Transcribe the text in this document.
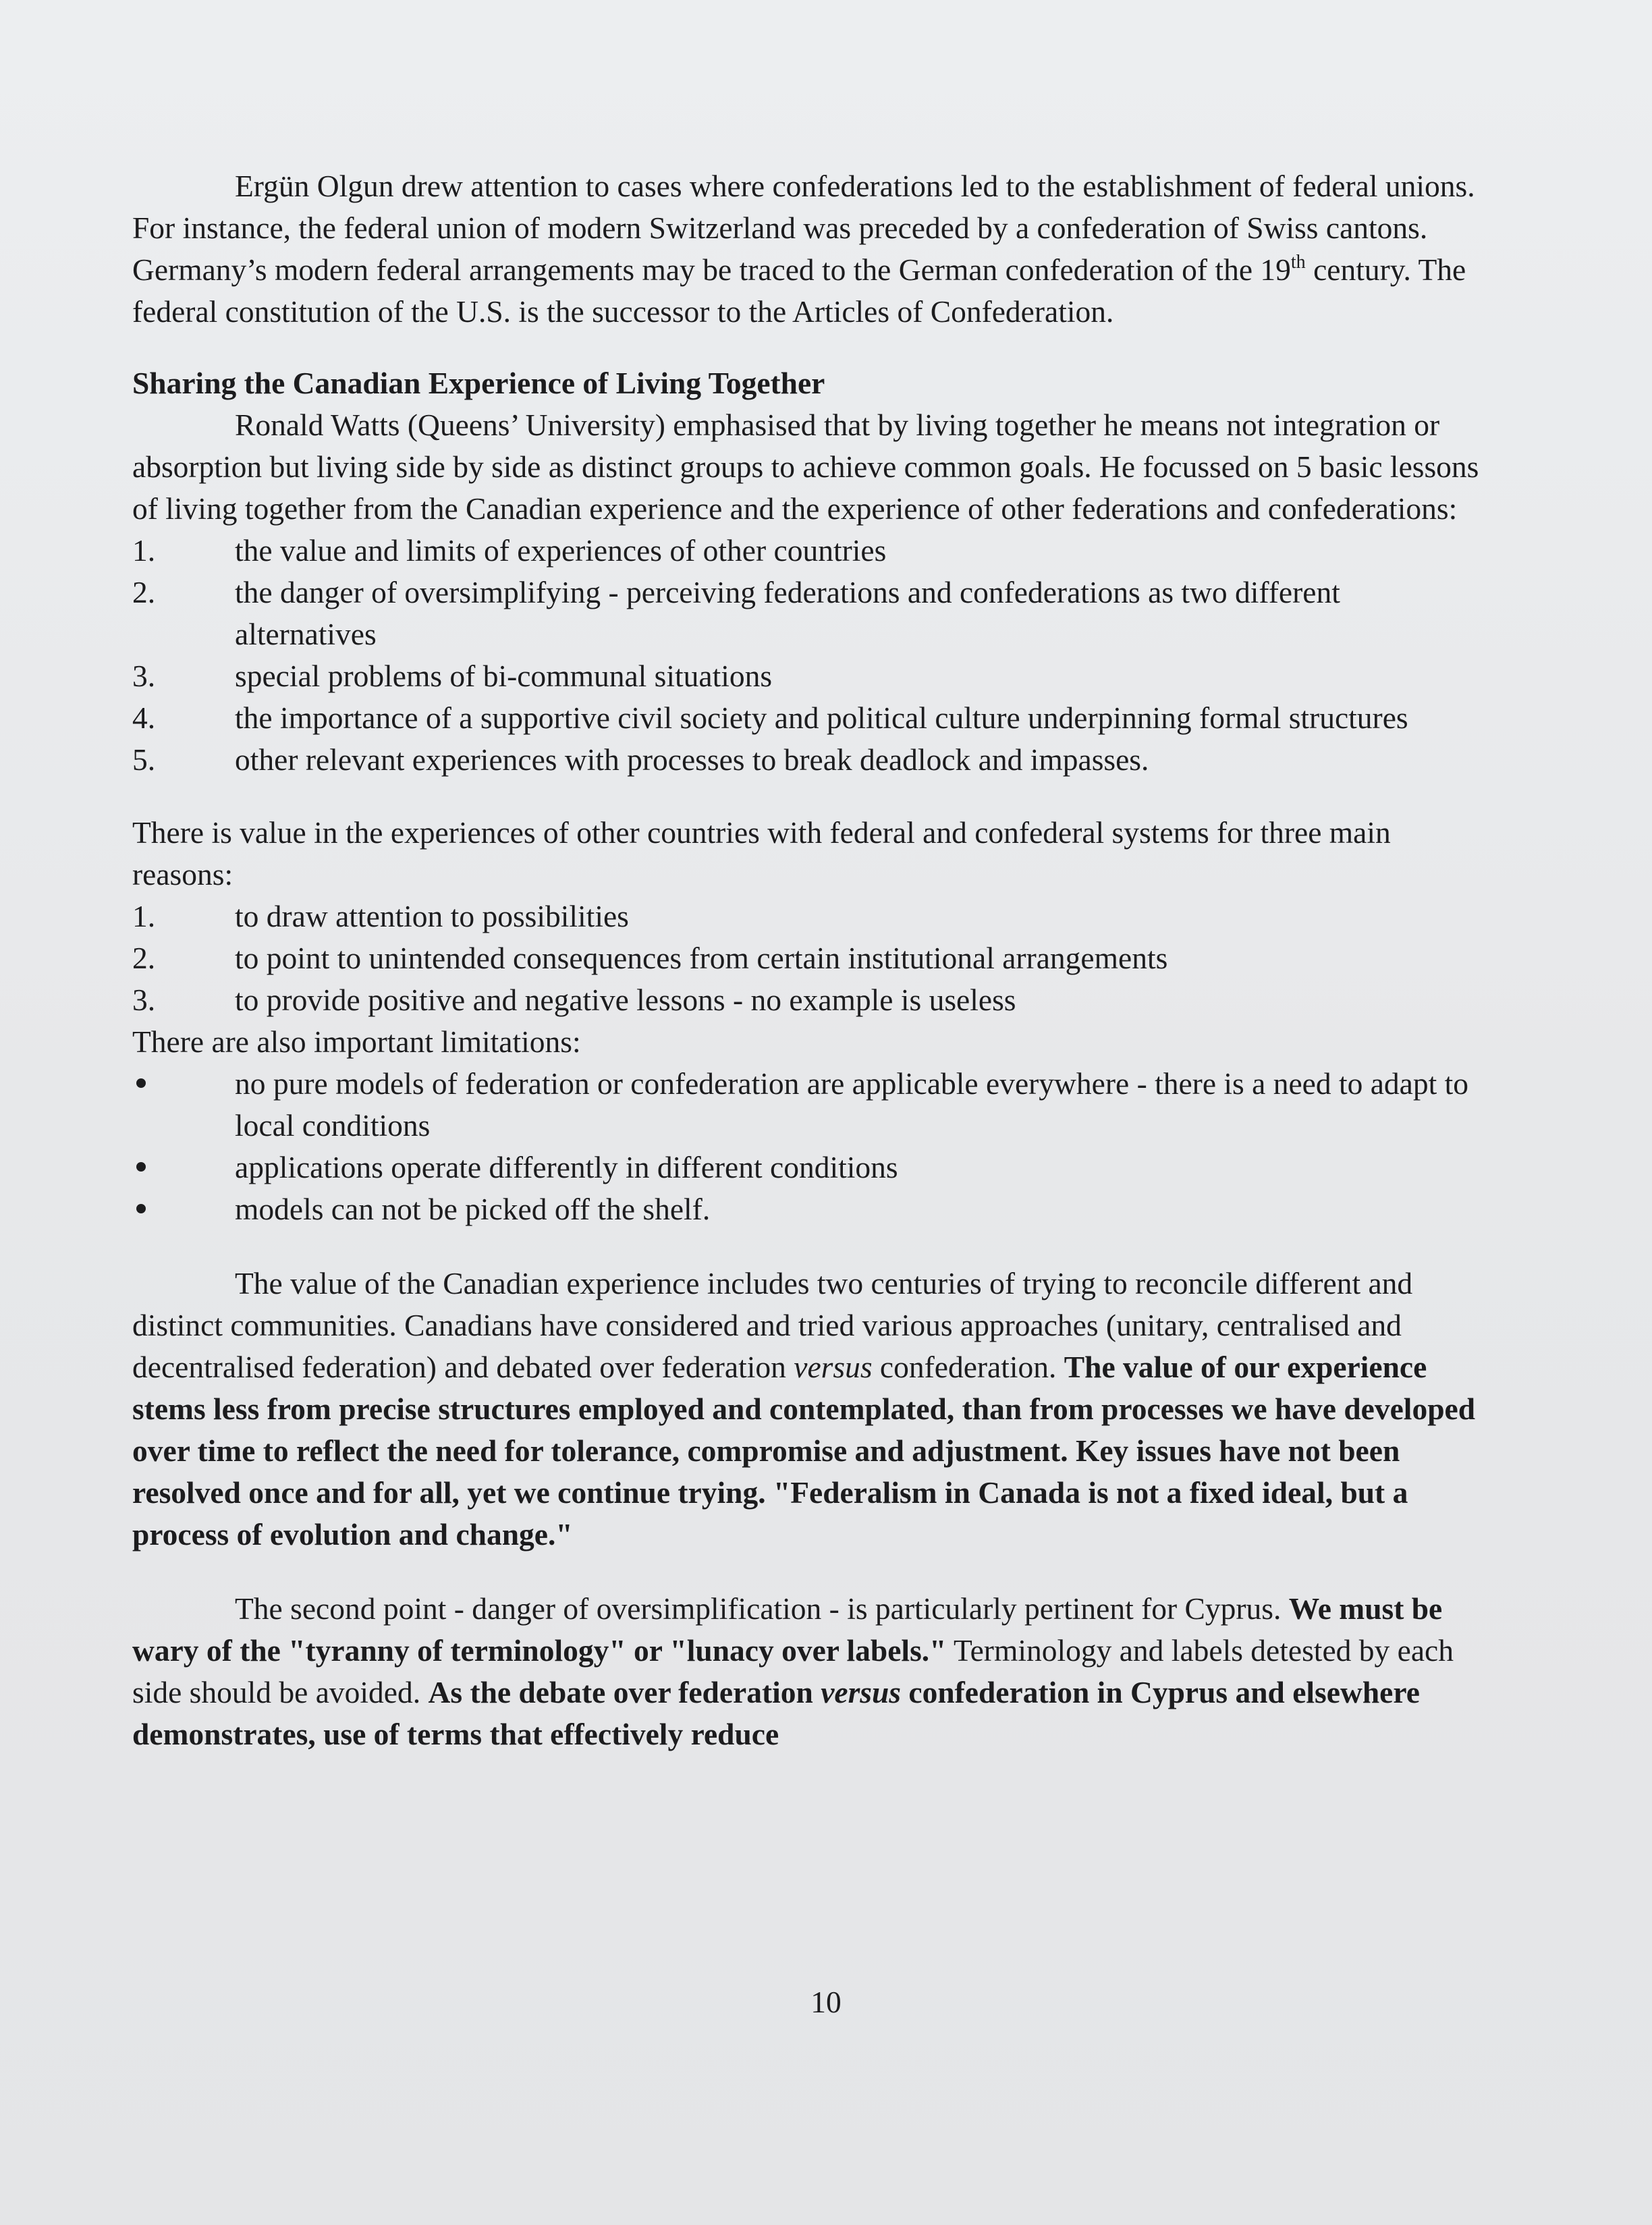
Ergün Olgun drew attention to cases where confederations led to the establishment of federal unions. For instance, the federal union of modern Switzerland was preceded by a confederation of Swiss cantons. Germany’s modern federal arrangements may be traced to the German confederation of the 19th century. The federal constitution of the U.S. is the successor to the Articles of Confederation.

Sharing the Canadian Experience of Living Together

Ronald Watts (Queens’ University) emphasised that by living together he means not integration or absorption but living side by side as distinct groups to achieve common goals. He focussed on 5 basic lessons of living together from the Canadian experience and the experience of other federations and confederations:

1.	the value and limits of experiences of other countries
2.	the danger of oversimplifying - perceiving federations and confederations as two different alternatives
3.	special problems of bi-communal situations
4.	the importance of a supportive civil society and political culture underpinning formal structures
5.	other relevant experiences with processes to break deadlock and impasses.

There is value in the experiences of other countries with federal and confederal systems for three main reasons:

1.	to draw attention to possibilities
2.	to point to unintended consequences from certain institutional arrangements
3.	to provide positive and negative lessons - no example is useless

There are also important limitations:

no pure models of federation or confederation are applicable everywhere - there is a need to adapt to local conditions
applications operate differently in different conditions
models can not be picked off the shelf.

The value of the Canadian experience includes two centuries of trying to reconcile different and distinct communities. Canadians have considered and tried various approaches (unitary, centralised and decentralised federation) and debated over federation versus confederation. The value of our experience stems less from precise structures employed and contemplated, than from processes we have developed over time to reflect the need for tolerance, compromise and adjustment. Key issues have not been resolved once and for all, yet we continue trying. "Federalism in Canada is not a fixed ideal, but a process of evolution and change."

The second point - danger of oversimplification - is particularly pertinent for Cyprus. We must be wary of the "tyranny of terminology" or "lunacy over labels." Terminology and labels detested by each side should be avoided. As the debate over federation versus confederation in Cyprus and elsewhere demonstrates, use of terms that effectively reduce

10
